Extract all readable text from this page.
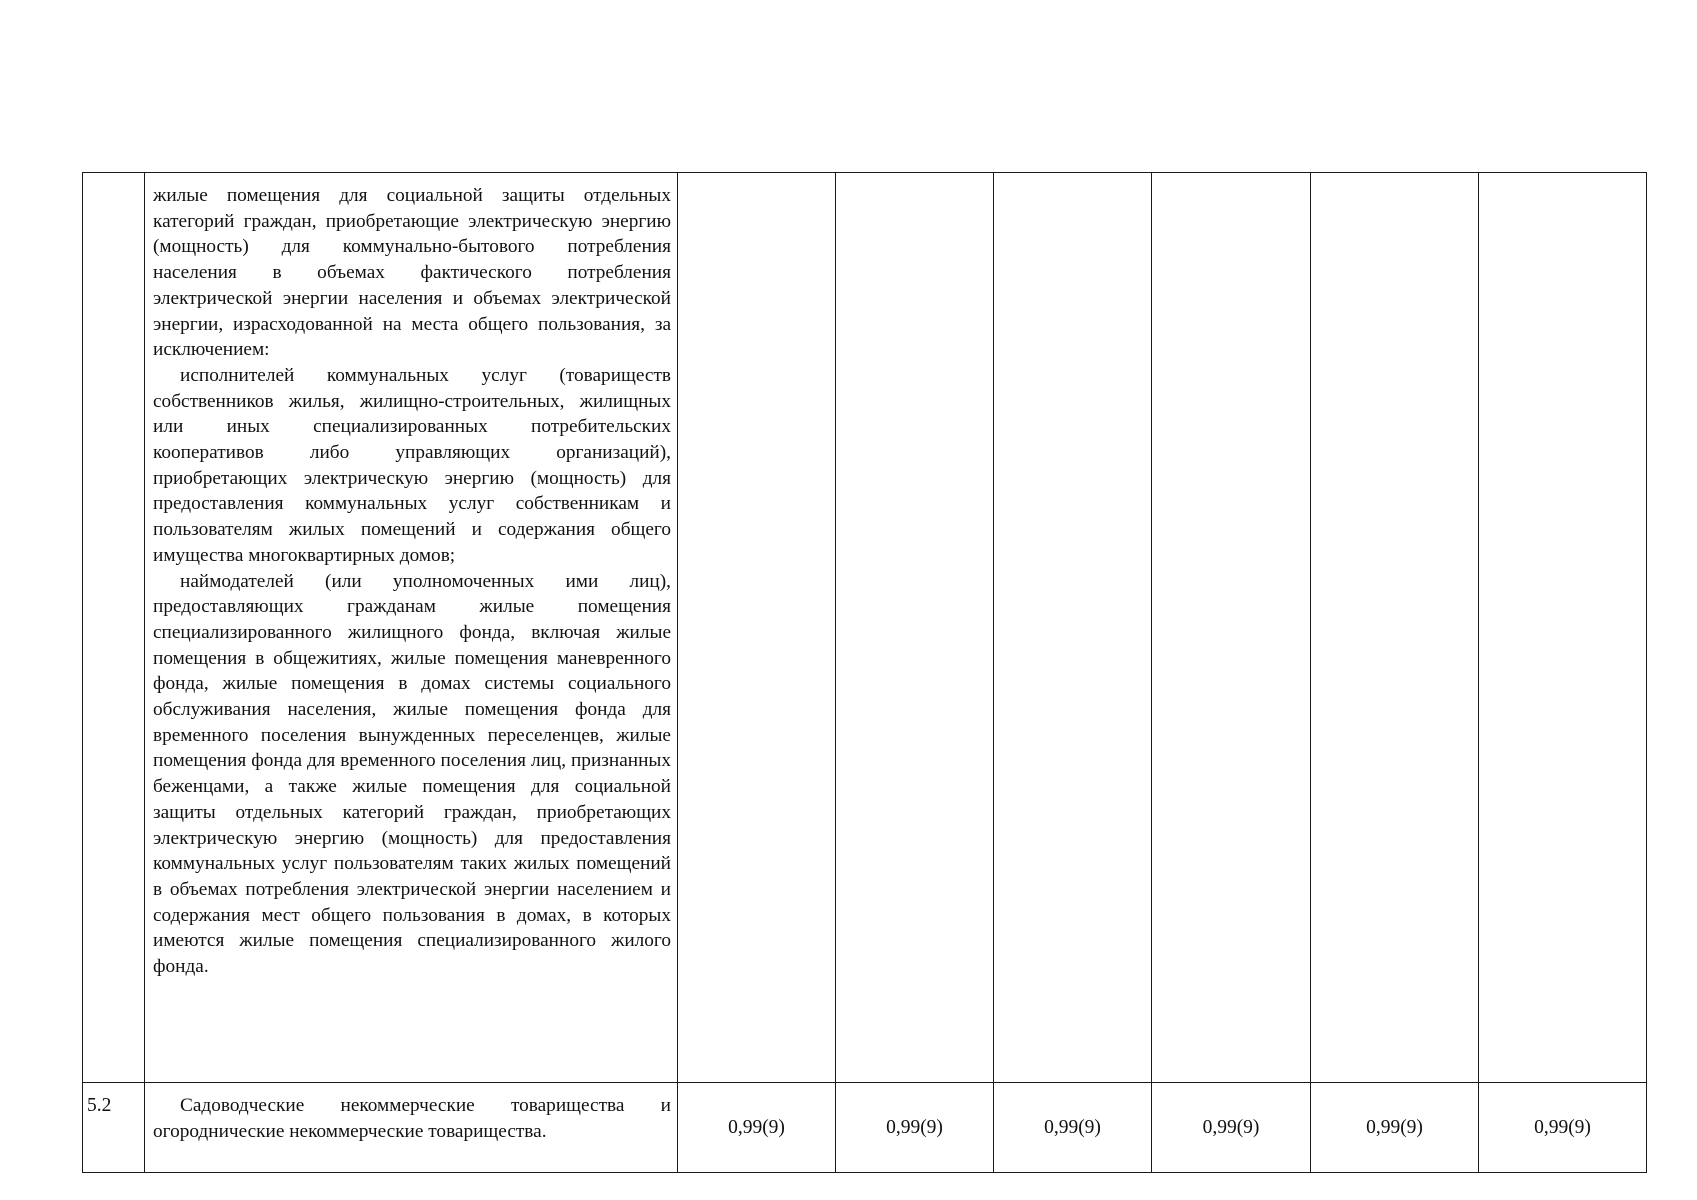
	жилые помещения для социальной защиты отдельных категорий граждан, приобретающие электрическую энергию (мощность) для коммунально-бытового потребления населения в объемах фактического потребления электрической энергии населения и объемах электрической энергии, израсходованной на места общего пользования, за исключением:

исполнителей коммунальных услуг (товариществ собственников жилья, жилищно-строительных, жилищных или иных специализированных потребительских кооперативов либо управляющих организаций), приобретающих электрическую энергию (мощность) для предоставления коммунальных услуг собственникам и пользователям жилых помещений и содержания общего имущества многоквартирных домов;

наймодателей (или уполномоченных ими лиц), предоставляющих гражданам жилые помещения специализированного жилищного фонда, включая жилые помещения в общежитиях, жилые помещения маневренного фонда, жилые помещения в домах системы социального обслуживания населения, жилые помещения фонда для временного поселения вынужденных переселенцев, жилые помещения фонда для временного поселения лиц, признанных беженцами, а также жилые помещения для социальной защиты отдельных категорий граждан, приобретающих электрическую энергию (мощность) для предоставления коммунальных услуг пользователям таких жилых помещений в объемах потребления электрической энергии населением и содержания мест общего пользования в домах, в которых имеются жилые помещения специализированного жилого фонда.						

5.2	Садоводческие некоммерческие товарищества и огороднические некоммерческие товарищества.	0,99(9)	0,99(9)	0,99(9)	0,99(9)	0,99(9)	0,99(9)
